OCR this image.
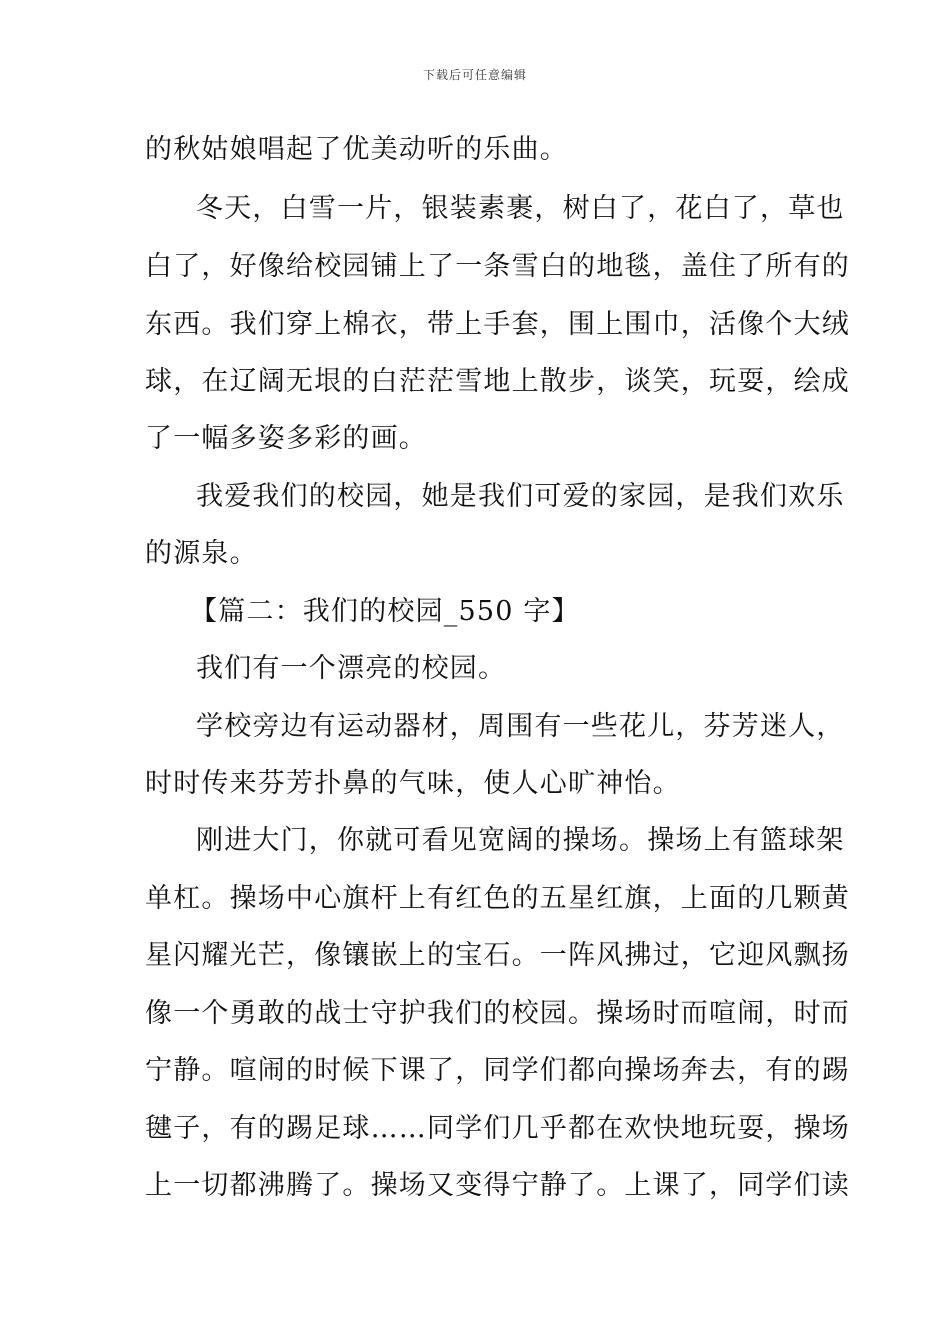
下载后可任意编辑
的秋姑娘唱起了优美动听的乐曲。
冬天，白雪一片，银装素裹，树白了，花白了，草也
白了，好像给校园铺上了一条雪白的地毯，盖住了所有的
东西。我们穿上棉衣，带上手套，围上围巾，活像个大绒
球，在辽阔无垠的白茫茫雪地上散步，谈笑，玩耍，绘成
了一幅多姿多彩的画。
我爱我们的校园，她是我们可爱的家园，是我们欢乐
的源泉。
【篇二：我们的校园_550 字】
我们有一个漂亮的校园。
学校旁边有运动器材，周围有一些花儿，芬芳迷人，
时时传来芬芳扑鼻的气味，使人心旷神怡。
刚进大门，你就可看见宽阔的操场。操场上有篮球架
单杠。操场中心旗杆上有红色的五星红旗，上面的几颗黄
星闪耀光芒，像镶嵌上的宝石。一阵风拂过，它迎风飘扬
像一个勇敢的战士守护我们的校园。操场时而喧闹，时而
宁静。喧闹的时候下课了，同学们都向操场奔去，有的踢
毽子，有的踢足球……同学们几乎都在欢快地玩耍，操场
上一切都沸腾了。操场又变得宁静了。上课了，同学们读
